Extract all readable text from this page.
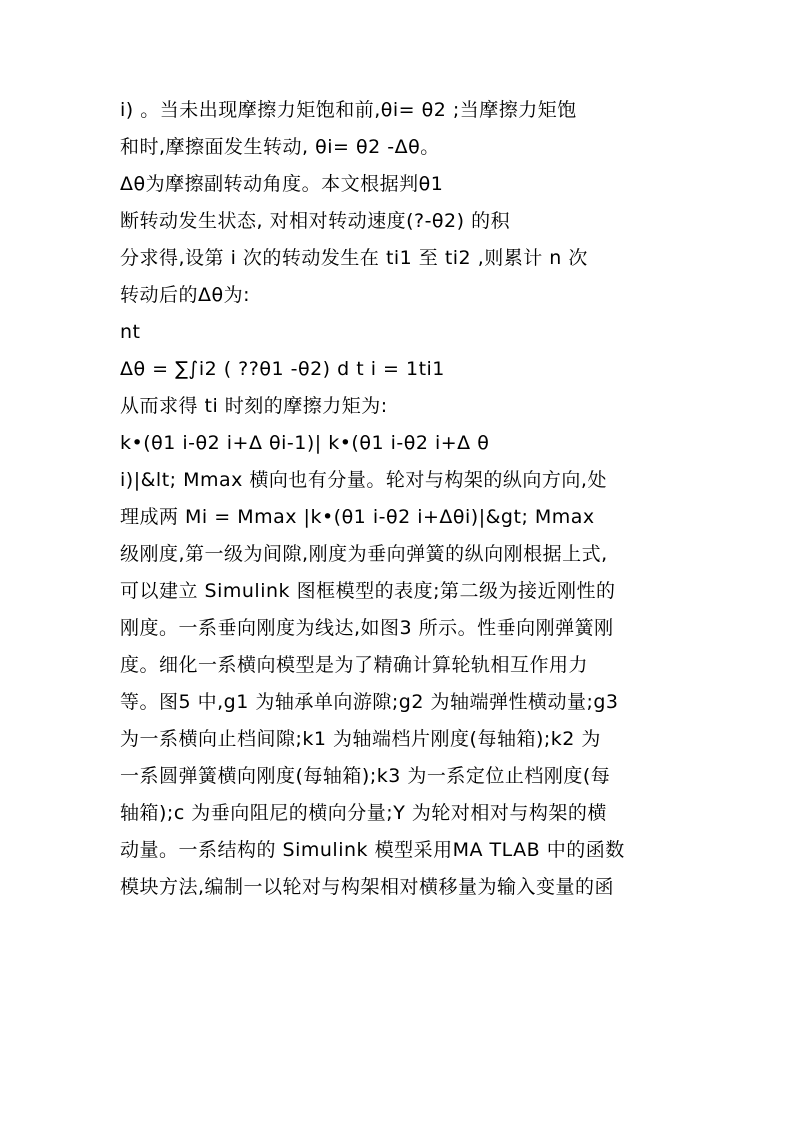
i) 。当未出现摩擦力矩饱和前,θi= θ2 ;当摩擦力矩饱
和时,摩擦面发生转动, θi= θ2 -Δθ。
Δθ为摩擦副转动角度。本文根据判θ1
断转动发生状态, 对相对转动速度(?-θ2) 的积
分求得,设第 i 次的转动发生在 ti1 至 ti2 ,则累计 n 次
转动后的Δθ为:
nt
Δθ = ∑∫i2 ( ??θ1 -θ2) d t i = 1ti1
从而求得 ti 时刻的摩擦力矩为:
k•(θ1 i-θ2 i+Δ θi-1)| k•(θ1 i-θ2 i+Δ θ
i)|&lt; Mmax 横向也有分量。轮对与构架的纵向方向,处
理成两 Mi = Mmax |k•(θ1 i-θ2 i+Δθi)|&gt; Mmax
级刚度,第一级为间隙,刚度为垂向弹簧的纵向刚根据上式,
可以建立 Simulink 图框模型的表度;第二级为接近刚性的
刚度。一系垂向刚度为线达,如图3 所示。性垂向刚弹簧刚
度。细化一系横向模型是为了精确计算轮轨相互作用力
等。图5 中,g1 为轴承单向游隙;g2 为轴端弹性横动量;g3
为一系横向止档间隙;k1 为轴端档片刚度(每轴箱);k2 为
一系圆弹簧横向刚度(每轴箱);k3 为一系定位止档刚度(每
轴箱);c 为垂向阻尼的横向分量;Y 为轮对相对与构架的横
动量。一系结构的 Simulink 模型采用MA TLAB 中的函数
模块方法,编制一以轮对与构架相对横移量为输入变量的函
